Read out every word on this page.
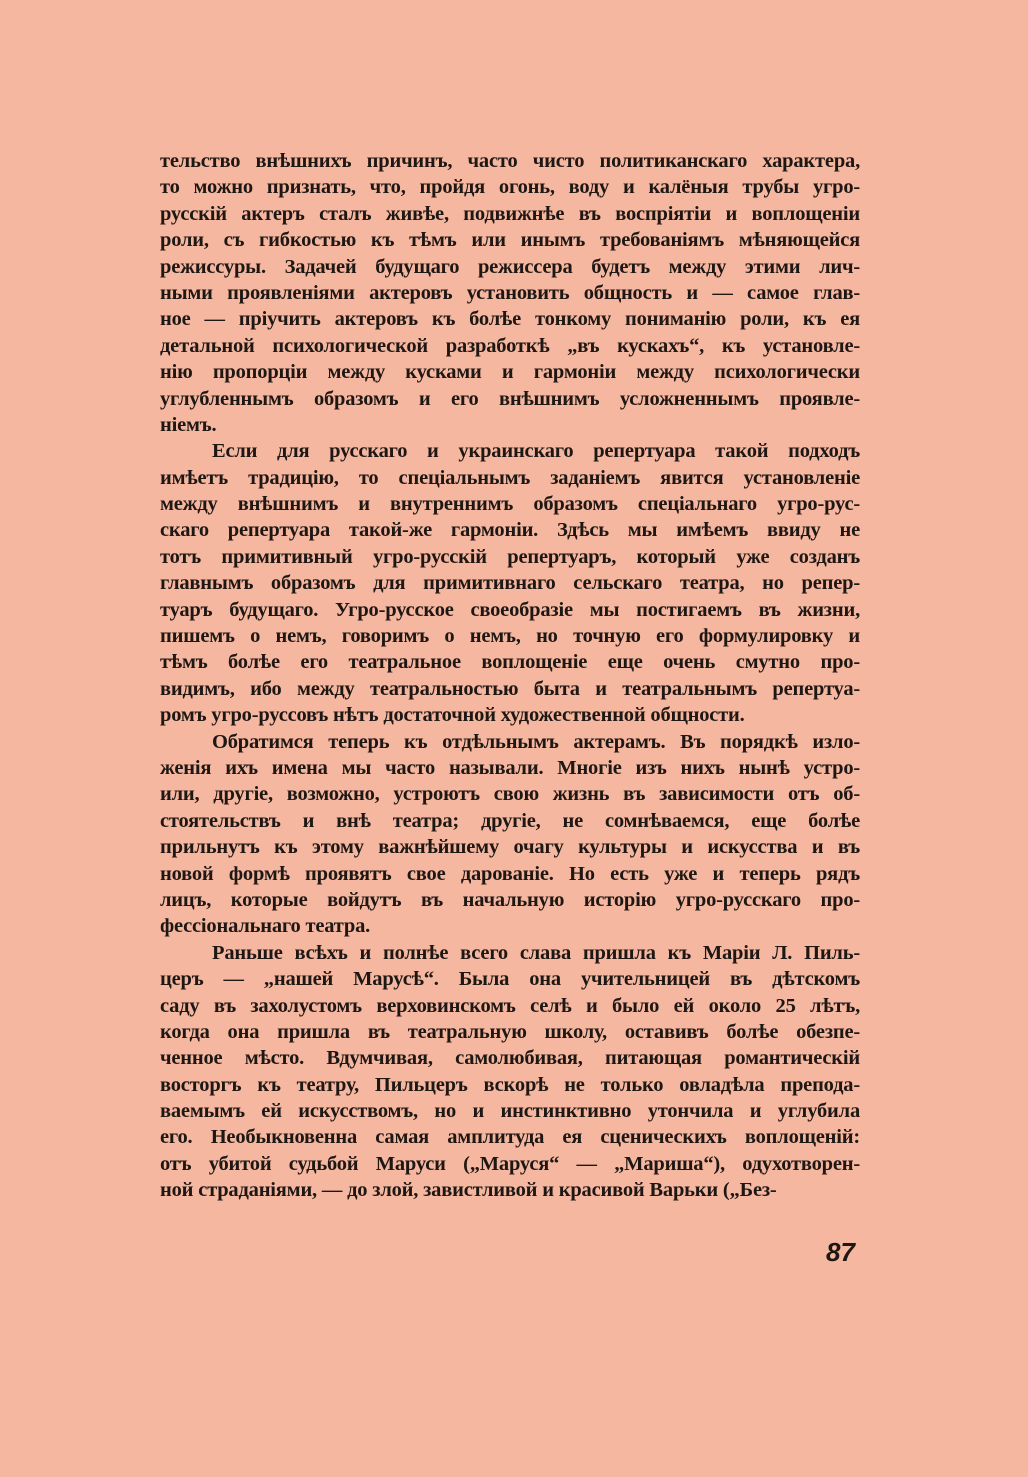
тельство внѣшнихъ причинъ, часто чисто политиканскаго характера,
то можно признать, что, пройдя огонь, воду и калёныя трубы угро-
русскій актеръ сталъ живѣе, подвижнѣе въ воспріятіи и воплощеніи
роли, съ гибкостью къ тѣмъ или инымъ требованіямъ мѣняющейся
режиссуры. Задачей будущаго режиссера будетъ между этими лич-
ными проявленіями актеровъ установить общность и — самое глав-
ное — пріучить актеровъ къ болѣе тонкому пониманію роли, къ ея
детальной психологической разработкѣ „въ кускахъ“, къ установле-
нію пропорціи между кусками и гармоніи между психологически
углубленнымъ образомъ и его внѣшнимъ усложненнымъ проявле-
ніемъ.
Если для русскаго и украинскаго репертуара такой подходъ
имѣетъ традицію, то спеціальнымъ заданіемъ явится установленіе
между внѣшнимъ и внутреннимъ образомъ спеціальнаго угро-рус-
скаго репертуара такой-же гармоніи. Здѣсь мы имѣемъ ввиду не
тотъ примитивный угро-русскій репертуаръ, который уже созданъ
главнымъ образомъ для примитивнаго сельскаго театра, но репер-
туаръ будущаго. Угро-русское своеобразіе мы постигаемъ въ жизни,
пишемъ о немъ, говоримъ о немъ, но точную его формулировку и
тѣмъ болѣе его театральное воплощеніе еще очень смутно про-
видимъ, ибо между театральностью быта и театральнымъ репертуа-
ромъ угро-руссовъ нѣтъ достаточной художественной общности.
Обратимся теперь къ отдѣльнымъ актерамъ. Въ порядкѣ изло-
женія ихъ имена мы часто называли. Многіе изъ нихъ нынѣ устро-
или, другіе, возможно, устроютъ свою жизнь въ зависимости отъ об-
стоятельствъ и внѣ театра; другіе, не сомнѣваемся, еще болѣе
прильнутъ къ этому важнѣйшему очагу культуры и искусства и въ
новой формѣ проявятъ свое дарованіе. Но есть уже и теперь рядъ
лицъ, которые войдутъ въ начальную исторію угро-русскаго про-
фессіональнаго театра.
Раньше всѣхъ и полнѣе всего слава пришла къ Маріи Л. Пиль-
церъ — „нашей Марусѣ“. Была она учительницей въ дѣтскомъ
саду въ захолустомъ верховинскомъ селѣ и было ей около 25 лѣтъ,
когда она пришла въ театральную школу, оставивъ болѣе обезпе-
ченное мѣсто. Вдумчивая, самолюбивая, питающая романтическій
восторгъ къ театру, Пильцеръ вскорѣ не только овладѣла препода-
ваемымъ ей искусствомъ, но и инстинктивно утончила и углубила
его. Необыкновенна самая амплитуда ея сценическихъ воплощеній:
отъ убитой судьбой Маруси („Маруся“ — „Мариша“), одухотворен-
ной страданіями, — до злой, завистливой и красивой Варьки („Без-
87
